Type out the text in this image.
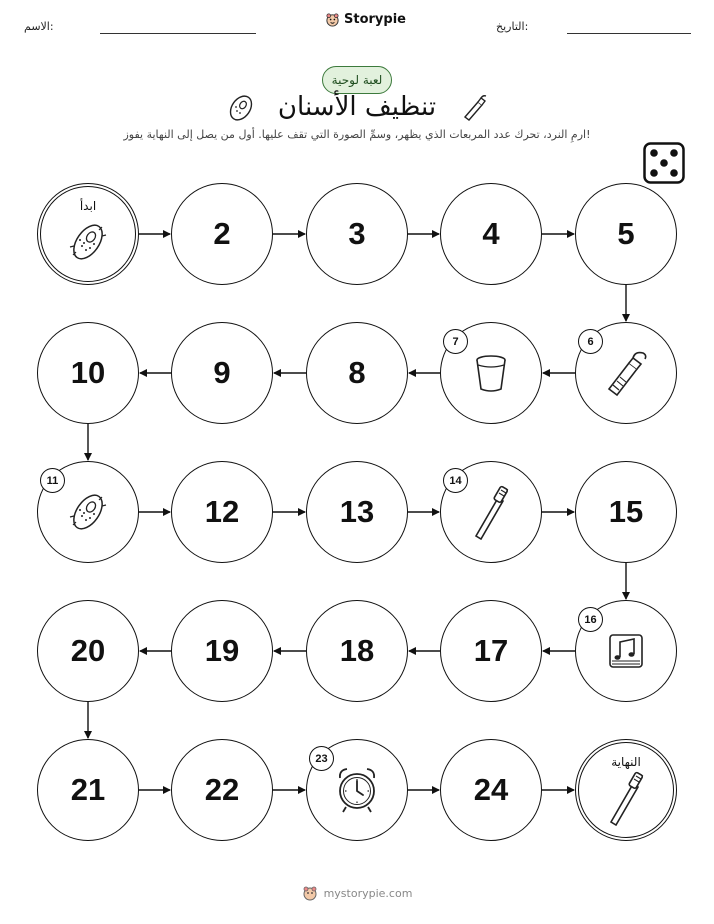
الاسم:	Storypie	التاريخ:
لعبة لوحية
تنظيف الأسنان
ارمِ النرد، تحرك عدد المربعات الذي يظهر، وسمِّ الصورة التي تقف عليها. أول من يصل إلى النهاية يفوز!
ابدأ
2	3	4	5
6
7
8
9
10
11
12	13
14
15
16
17
18
19
20
21	22
23
24
النهاية
mystorypie.com
